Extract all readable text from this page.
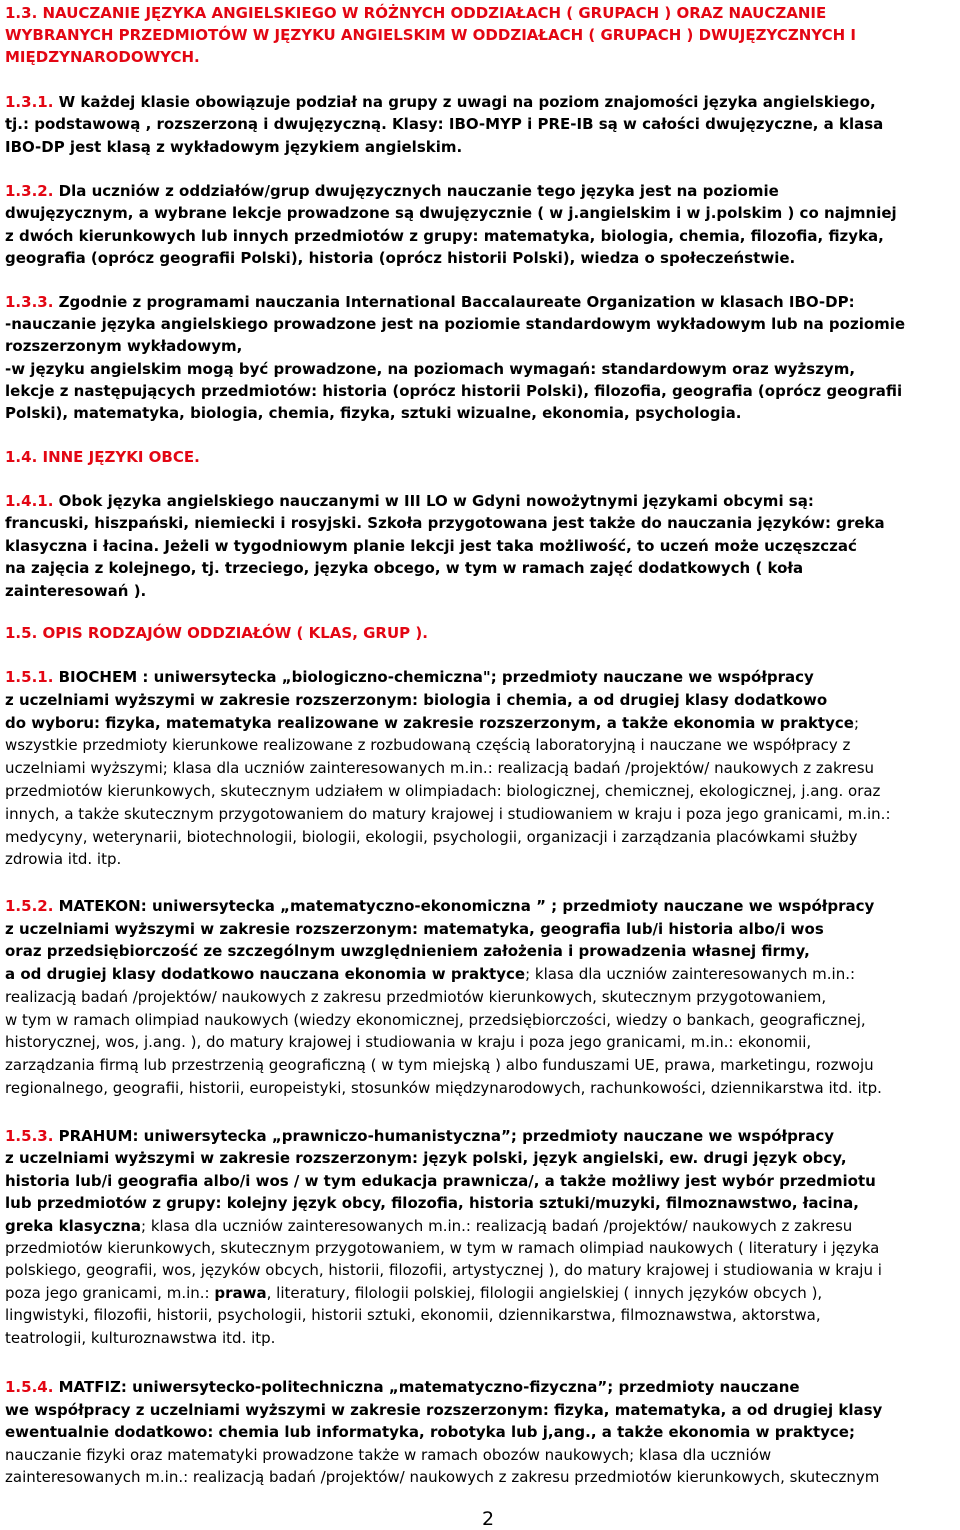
1.3. NAUCZANIE JĘZYKA ANGIELSKIEGO W RÓŻNYCH ODDZIAŁACH ( GRUPACH ) ORAZ NAUCZANIE
WYBRANYCH PRZEDMIOTÓW W JĘZYKU ANGIELSKIM W ODDZIAŁACH ( GRUPACH ) DWUJĘZYCZNYCH I
MIĘDZYNARODOWYCH.
1.3.1. W każdej klasie obowiązuje podział na grupy z uwagi na poziom znajomości języka angielskiego,
tj.: podstawową , rozszerzoną i dwujęzyczną. Klasy: IBO-MYP i PRE-IB są w całości dwujęzyczne, a klasa
IBO-DP jest klasą z wykładowym językiem angielskim.
1.3.2. Dla uczniów z oddziałów/grup dwujęzycznych nauczanie tego języka jest na poziomie
dwujęzycznym, a wybrane lekcje prowadzone są dwujęzycznie ( w j.angielskim i w j.polskim ) co najmniej
z dwóch kierunkowych lub innych przedmiotów z grupy: matematyka, biologia, chemia, filozofia, fizyka,
geografia (oprócz geografii Polski), historia (oprócz historii Polski), wiedza o społeczeństwie.
1.3.3. Zgodnie z programami nauczania International Baccalaureate Organization w klasach IBO-DP:
-nauczanie języka angielskiego prowadzone jest na poziomie standardowym wykładowym lub na poziomie
rozszerzonym wykładowym,
-w języku angielskim mogą być prowadzone, na poziomach wymagań: standardowym oraz wyższym,
lekcje z następujących przedmiotów: historia (oprócz historii Polski), filozofia, geografia (oprócz geografii
Polski), matematyka, biologia, chemia, fizyka, sztuki wizualne, ekonomia, psychologia.
1.4. INNE JĘZYKI OBCE.
1.4.1. Obok języka angielskiego nauczanymi w III LO w Gdyni nowożytnymi językami obcymi są:
francuski, hiszpański, niemiecki i rosyjski. Szkoła przygotowana jest także do nauczania języków: greka
klasyczna i łacina. Jeżeli w tygodniowym planie lekcji jest taka możliwość, to uczeń może uczęszczać
na zajęcia z kolejnego, tj. trzeciego, języka obcego, w tym w ramach zajęć dodatkowych ( koła
zainteresowań ).
1.5. OPIS RODZAJÓW ODDZIAŁÓW ( KLAS, GRUP ).
1.5.1. BIOCHEM : uniwersytecka „biologiczno-chemiczna"; przedmioty nauczane we współpracy
z uczelniami wyższymi w zakresie rozszerzonym: biologia i chemia, a od drugiej klasy dodatkowo
do wyboru: fizyka, matematyka realizowane w zakresie rozszerzonym, a także ekonomia w praktyce;
wszystkie przedmioty kierunkowe realizowane z rozbudowaną częścią laboratoryjną i nauczane we współpracy z
uczelniami wyższymi; klasa dla uczniów zainteresowanych m.in.: realizacją badań /projektów/ naukowych z zakresu
przedmiotów kierunkowych, skutecznym udziałem w olimpiadach: biologicznej, chemicznej, ekologicznej, j.ang. oraz
innych, a także skutecznym przygotowaniem do matury krajowej i studiowaniem w kraju i poza jego granicami, m.in.:
medycyny, weterynarii, biotechnologii, biologii, ekologii, psychologii, organizacji i zarządzania placówkami służby
zdrowia itd. itp.
1.5.2. MATEKON: uniwersytecka „matematyczno-ekonomiczna ” ; przedmioty nauczane we współpracy
z uczelniami wyższymi w zakresie rozszerzonym: matematyka, geografia lub/i historia albo/i wos
oraz przedsiębiorczość ze szczególnym uwzględnieniem założenia i prowadzenia własnej firmy,
a od drugiej klasy dodatkowo nauczana ekonomia w praktyce; klasa dla uczniów zainteresowanych m.in.:
realizacją badań /projektów/ naukowych z zakresu przedmiotów kierunkowych, skutecznym przygotowaniem,
w tym w ramach olimpiad naukowych (wiedzy ekonomicznej, przedsiębiorczości, wiedzy o bankach, geograficznej,
historycznej, wos, j.ang. ), do matury krajowej i studiowania w kraju i poza jego granicami, m.in.: ekonomii,
zarządzania firmą lub przestrzenią geograficzną ( w tym miejską ) albo funduszami UE, prawa, marketingu, rozwoju
regionalnego, geografii, historii, europeistyki, stosunków międzynarodowych, rachunkowości, dziennikarstwa itd. itp.
1.5.3. PRAHUM: uniwersytecka „prawniczo-humanistyczna”; przedmioty nauczane we współpracy
z uczelniami wyższymi w zakresie rozszerzonym: język polski, język angielski, ew. drugi język obcy,
historia lub/i geografia albo/i wos / w tym edukacja prawnicza/, a także możliwy jest wybór przedmiotu
lub przedmiotów z grupy: kolejny język obcy, filozofia, historia sztuki/muzyki, filmoznawstwo, łacina,
greka klasyczna; klasa dla uczniów zainteresowanych m.in.: realizacją badań /projektów/ naukowych z zakresu
przedmiotów kierunkowych, skutecznym przygotowaniem, w tym w ramach olimpiad naukowych ( literatury i języka
polskiego, geografii, wos, języków obcych, historii, filozofii, artystycznej ), do matury krajowej i studiowania w kraju i
poza jego granicami, m.in.: prawa, literatury, filologii polskiej, filologii angielskiej ( innych języków obcych ),
lingwistyki, filozofii, historii, psychologii, historii sztuki, ekonomii, dziennikarstwa, filmoznawstwa, aktorstwa,
teatrologii, kulturoznawstwa itd. itp.
1.5.4. MATFIZ: uniwersytecko-politechniczna „matematyczno-fizyczna”; przedmioty nauczane
we współpracy z uczelniami wyższymi w zakresie rozszerzonym: fizyka, matematyka, a od drugiej klasy
ewentualnie dodatkowo: chemia lub informatyka, robotyka lub j,ang., a także ekonomia w praktyce;
nauczanie fizyki oraz matematyki prowadzone także w ramach obozów naukowych; klasa dla uczniów
zainteresowanych m.in.: realizacją badań /projektów/ naukowych z zakresu przedmiotów kierunkowych, skutecznym
2
